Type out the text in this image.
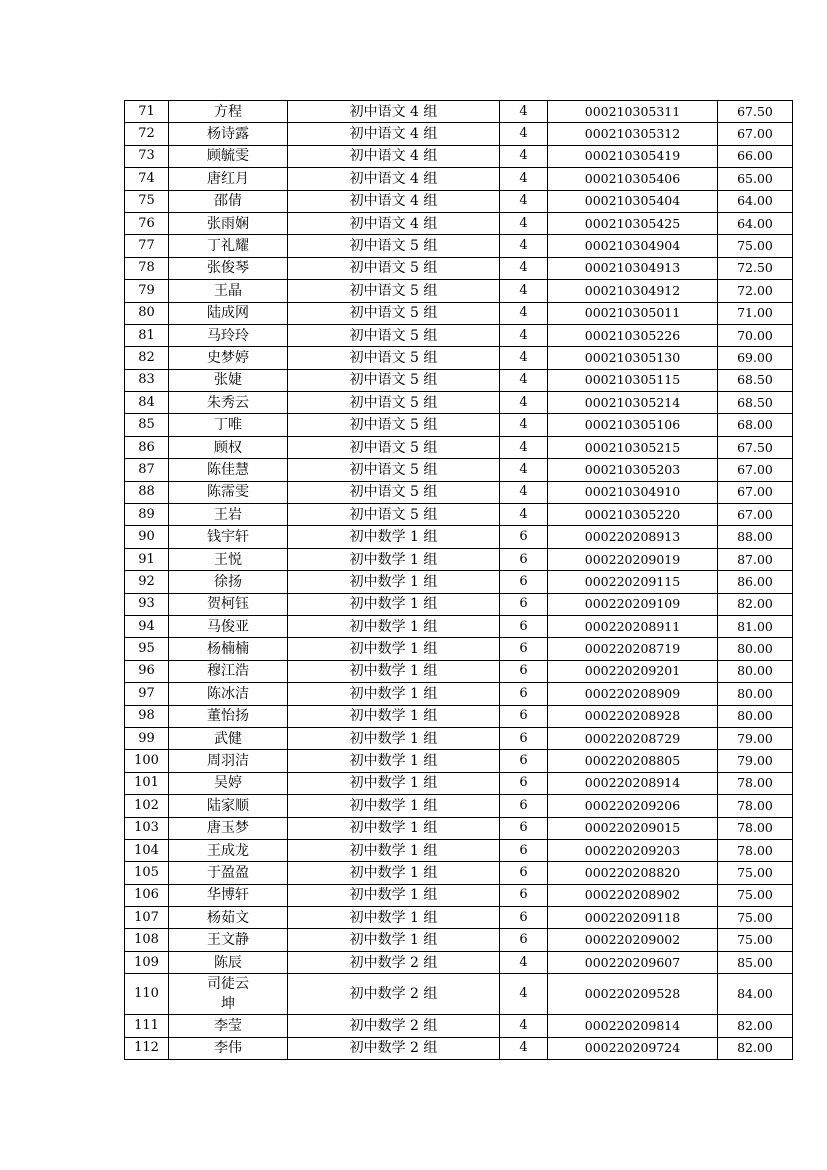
71	方程	初中语文 4 组	4	000210305311	67.50
72	杨诗露	初中语文 4 组	4	000210305312	67.00
73	顾毓雯	初中语文 4 组	4	000210305419	66.00
74	唐红月	初中语文 4 组	4	000210305406	65.00
75	邵倩	初中语文 4 组	4	000210305404	64.00
76	张雨娴	初中语文 4 组	4	000210305425	64.00
77	丁礼耀	初中语文 5 组	4	000210304904	75.00
78	张俊琴	初中语文 5 组	4	000210304913	72.50
79	王晶	初中语文 5 组	4	000210304912	72.00
80	陆成网	初中语文 5 组	4	000210305011	71.00
81	马玲玲	初中语文 5 组	4	000210305226	70.00
82	史梦婷	初中语文 5 组	4	000210305130	69.00
83	张婕	初中语文 5 组	4	000210305115	68.50
84	朱秀云	初中语文 5 组	4	000210305214	68.50
85	丁唯	初中语文 5 组	4	000210305106	68.00
86	顾权	初中语文 5 组	4	000210305215	67.50
87	陈佳慧	初中语文 5 组	4	000210305203	67.00
88	陈霈雯	初中语文 5 组	4	000210304910	67.00
89	王岩	初中语文 5 组	4	000210305220	67.00
90	钱宇轩	初中数学 1 组	6	000220208913	88.00
91	王悦	初中数学 1 组	6	000220209019	87.00
92	徐扬	初中数学 1 组	6	000220209115	86.00
93	贺柯钰	初中数学 1 组	6	000220209109	82.00
94	马俊亚	初中数学 1 组	6	000220208911	81.00
95	杨楠楠	初中数学 1 组	6	000220208719	80.00
96	穆江浩	初中数学 1 组	6	000220209201	80.00
97	陈冰洁	初中数学 1 组	6	000220208909	80.00
98	董怡扬	初中数学 1 组	6	000220208928	80.00
99	武健	初中数学 1 组	6	000220208729	79.00
100	周羽洁	初中数学 1 组	6	000220208805	79.00
101	吴婷	初中数学 1 组	6	000220208914	78.00
102	陆家顺	初中数学 1 组	6	000220209206	78.00
103	唐玉梦	初中数学 1 组	6	000220209015	78.00
104	王成龙	初中数学 1 组	6	000220209203	78.00
105	于盈盈	初中数学 1 组	6	000220208820	75.00
106	华博轩	初中数学 1 组	6	000220208902	75.00
107	杨茹文	初中数学 1 组	6	000220209118	75.00
108	王文静	初中数学 1 组	6	000220209002	75.00
109	陈辰	初中数学 2 组	4	000220209607	85.00
110	司徒云坤	初中数学 2 组	4	000220209528	84.00
111	李莹	初中数学 2 组	4	000220209814	82.00
112	李伟	初中数学 2 组	4	000220209724	82.00
